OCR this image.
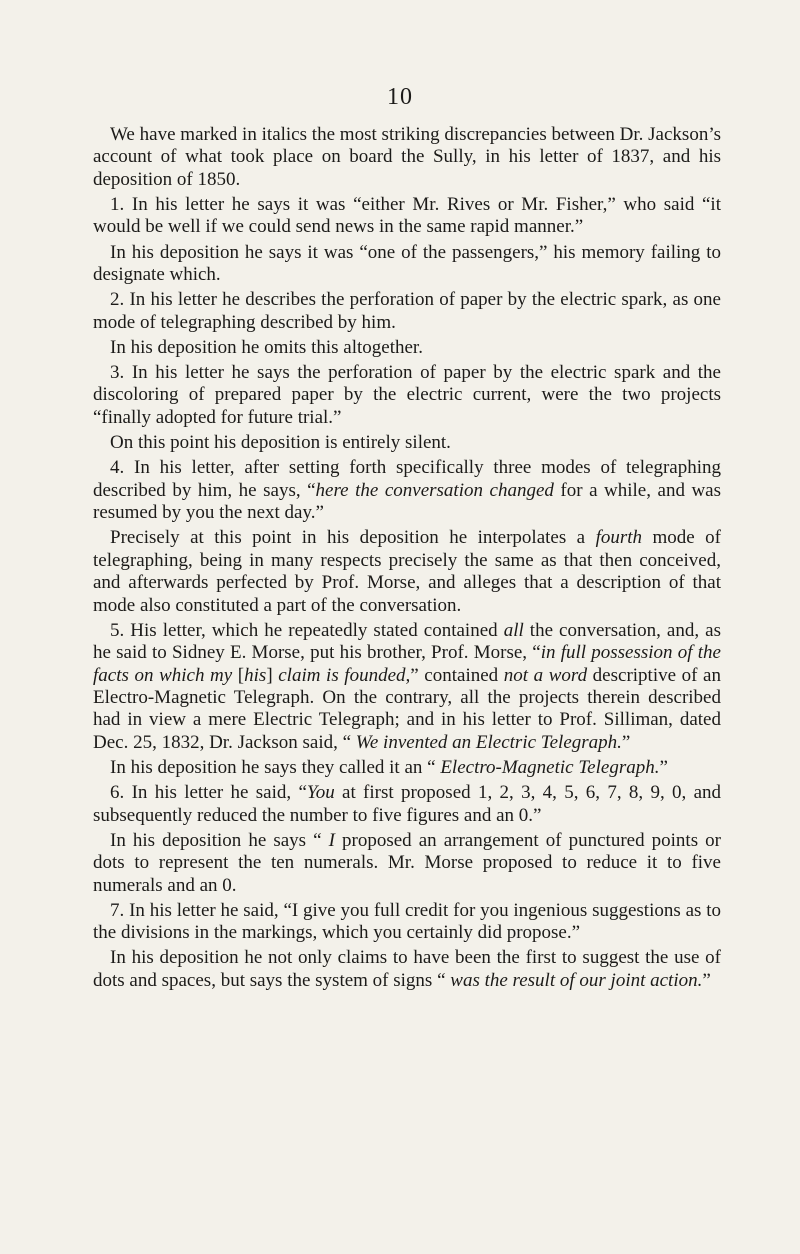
10

We have marked in italics the most striking discrepancies between Dr. Jackson’s account of what took place on board the Sully, in his letter of 1837, and his deposition of 1850.

1. In his letter he says it was “either Mr. Rives or Mr. Fisher,” who said “it would be well if we could send news in the same rapid manner.”

In his deposition he says it was “one of the passengers,” his memory failing to designate which.

2. In his letter he describes the perforation of paper by the electric spark, as one mode of telegraphing described by him.

In his deposition he omits this altogether.

3. In his letter he says the perforation of paper by the electric spark and the discoloring of prepared paper by the electric current, were the two projects “finally adopted for future trial.”

On this point his deposition is entirely silent.

4. In his letter, after setting forth specifically three modes of telegraphing described by him, he says, “here the conversation changed for a while, and was resumed by you the next day.”

Precisely at this point in his deposition he interpolates a fourth mode of telegraphing, being in many respects precisely the same as that then conceived, and afterwards perfected by Prof. Morse, and alleges that a description of that mode also constituted a part of the conversation.

5. His letter, which he repeatedly stated contained all the conversation, and, as he said to Sidney E. Morse, put his brother, Prof. Morse, “in full possession of the facts on which my [his] claim is founded,” contained not a word descriptive of an Electro-Magnetic Telegraph. On the contrary, all the projects therein described had in view a mere Electric Telegraph; and in his letter to Prof. Silliman, dated Dec. 25, 1832, Dr. Jackson said, “ We invented an Electric Telegraph.”

In his deposition he says they called it an “ Electro-Magnetic Telegraph.”

6. In his letter he said, “You at first proposed 1, 2, 3, 4, 5, 6, 7, 8, 9, 0, and subsequently reduced the number to five figures and an 0.”

In his deposition he says “ I proposed an arrangement of punctured points or dots to represent the ten numerals. Mr. Morse proposed to reduce it to five numerals and an 0.

7. In his letter he said, “I give you full credit for you ingenious suggestions as to the divisions in the markings, which you certainly did propose.”

In his deposition he not only claims to have been the first to suggest the use of dots and spaces, but says the system of signs “ was the result of our joint action.”
